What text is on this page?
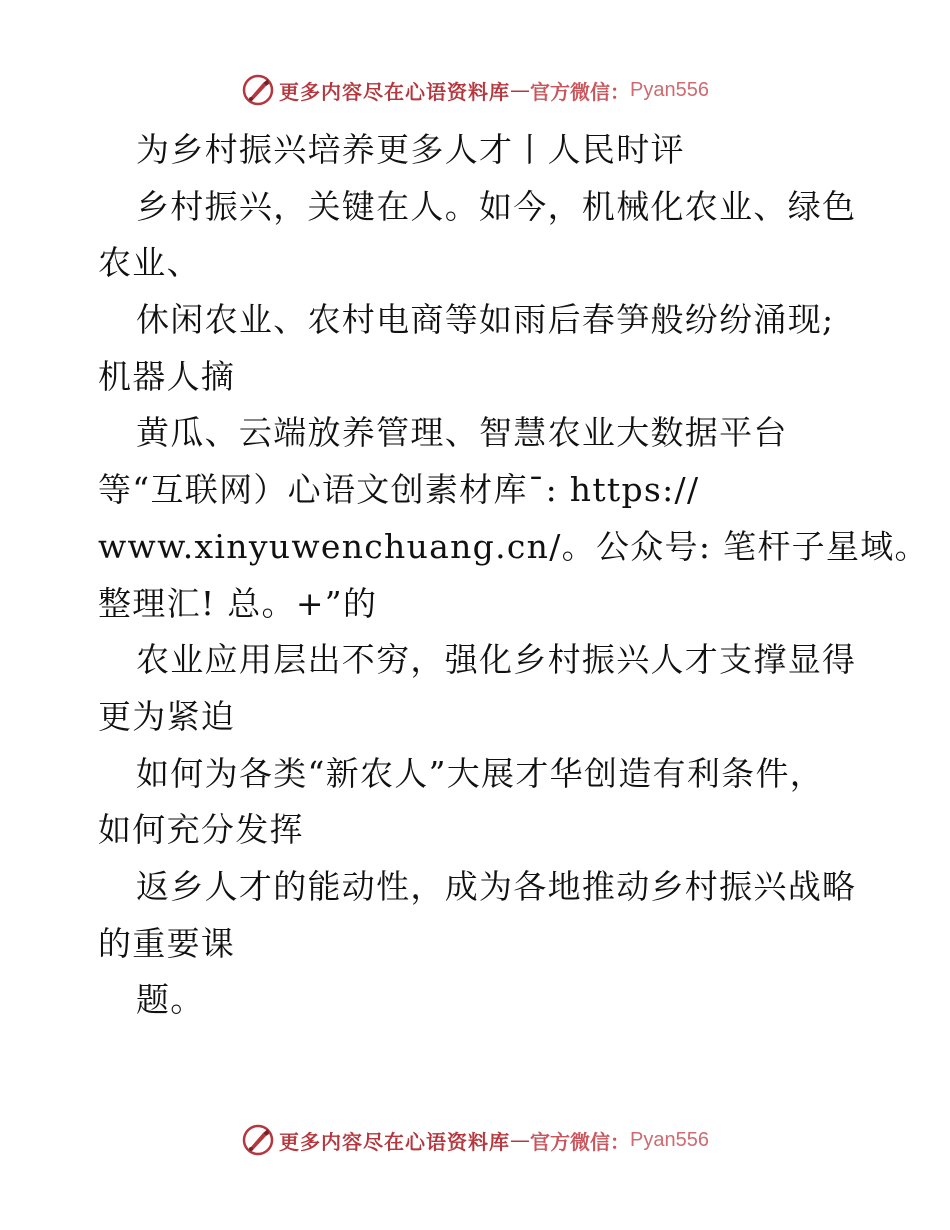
更多内容尽在心语资料库 — 官方微信： Pyan556
为乡村振兴培养更多人才丨人民时评
乡村振兴，关键在人。如今，机械化农业、绿色
农业、
休闲农业、农村电商等如雨后春笋般纷纷涌现;
机器人摘
黄瓜、云端放养管理、智慧农业大数据平台
等“互联网）心语文创素材库¯: https://
www.xinyuwenchuang.cn/。公众号: 笔杆子星域。
整理汇! 总。+”的
农业应用层出不穷，强化乡村振兴人才支撑显得
更为紧迫
如何为各类“新农人”大展才华创造有利条件，
如何充分发挥
返乡人才的能动性，成为各地推动乡村振兴战略
的重要课
题。
更多内容尽在心语资料库 — 官方微信： Pyan556
